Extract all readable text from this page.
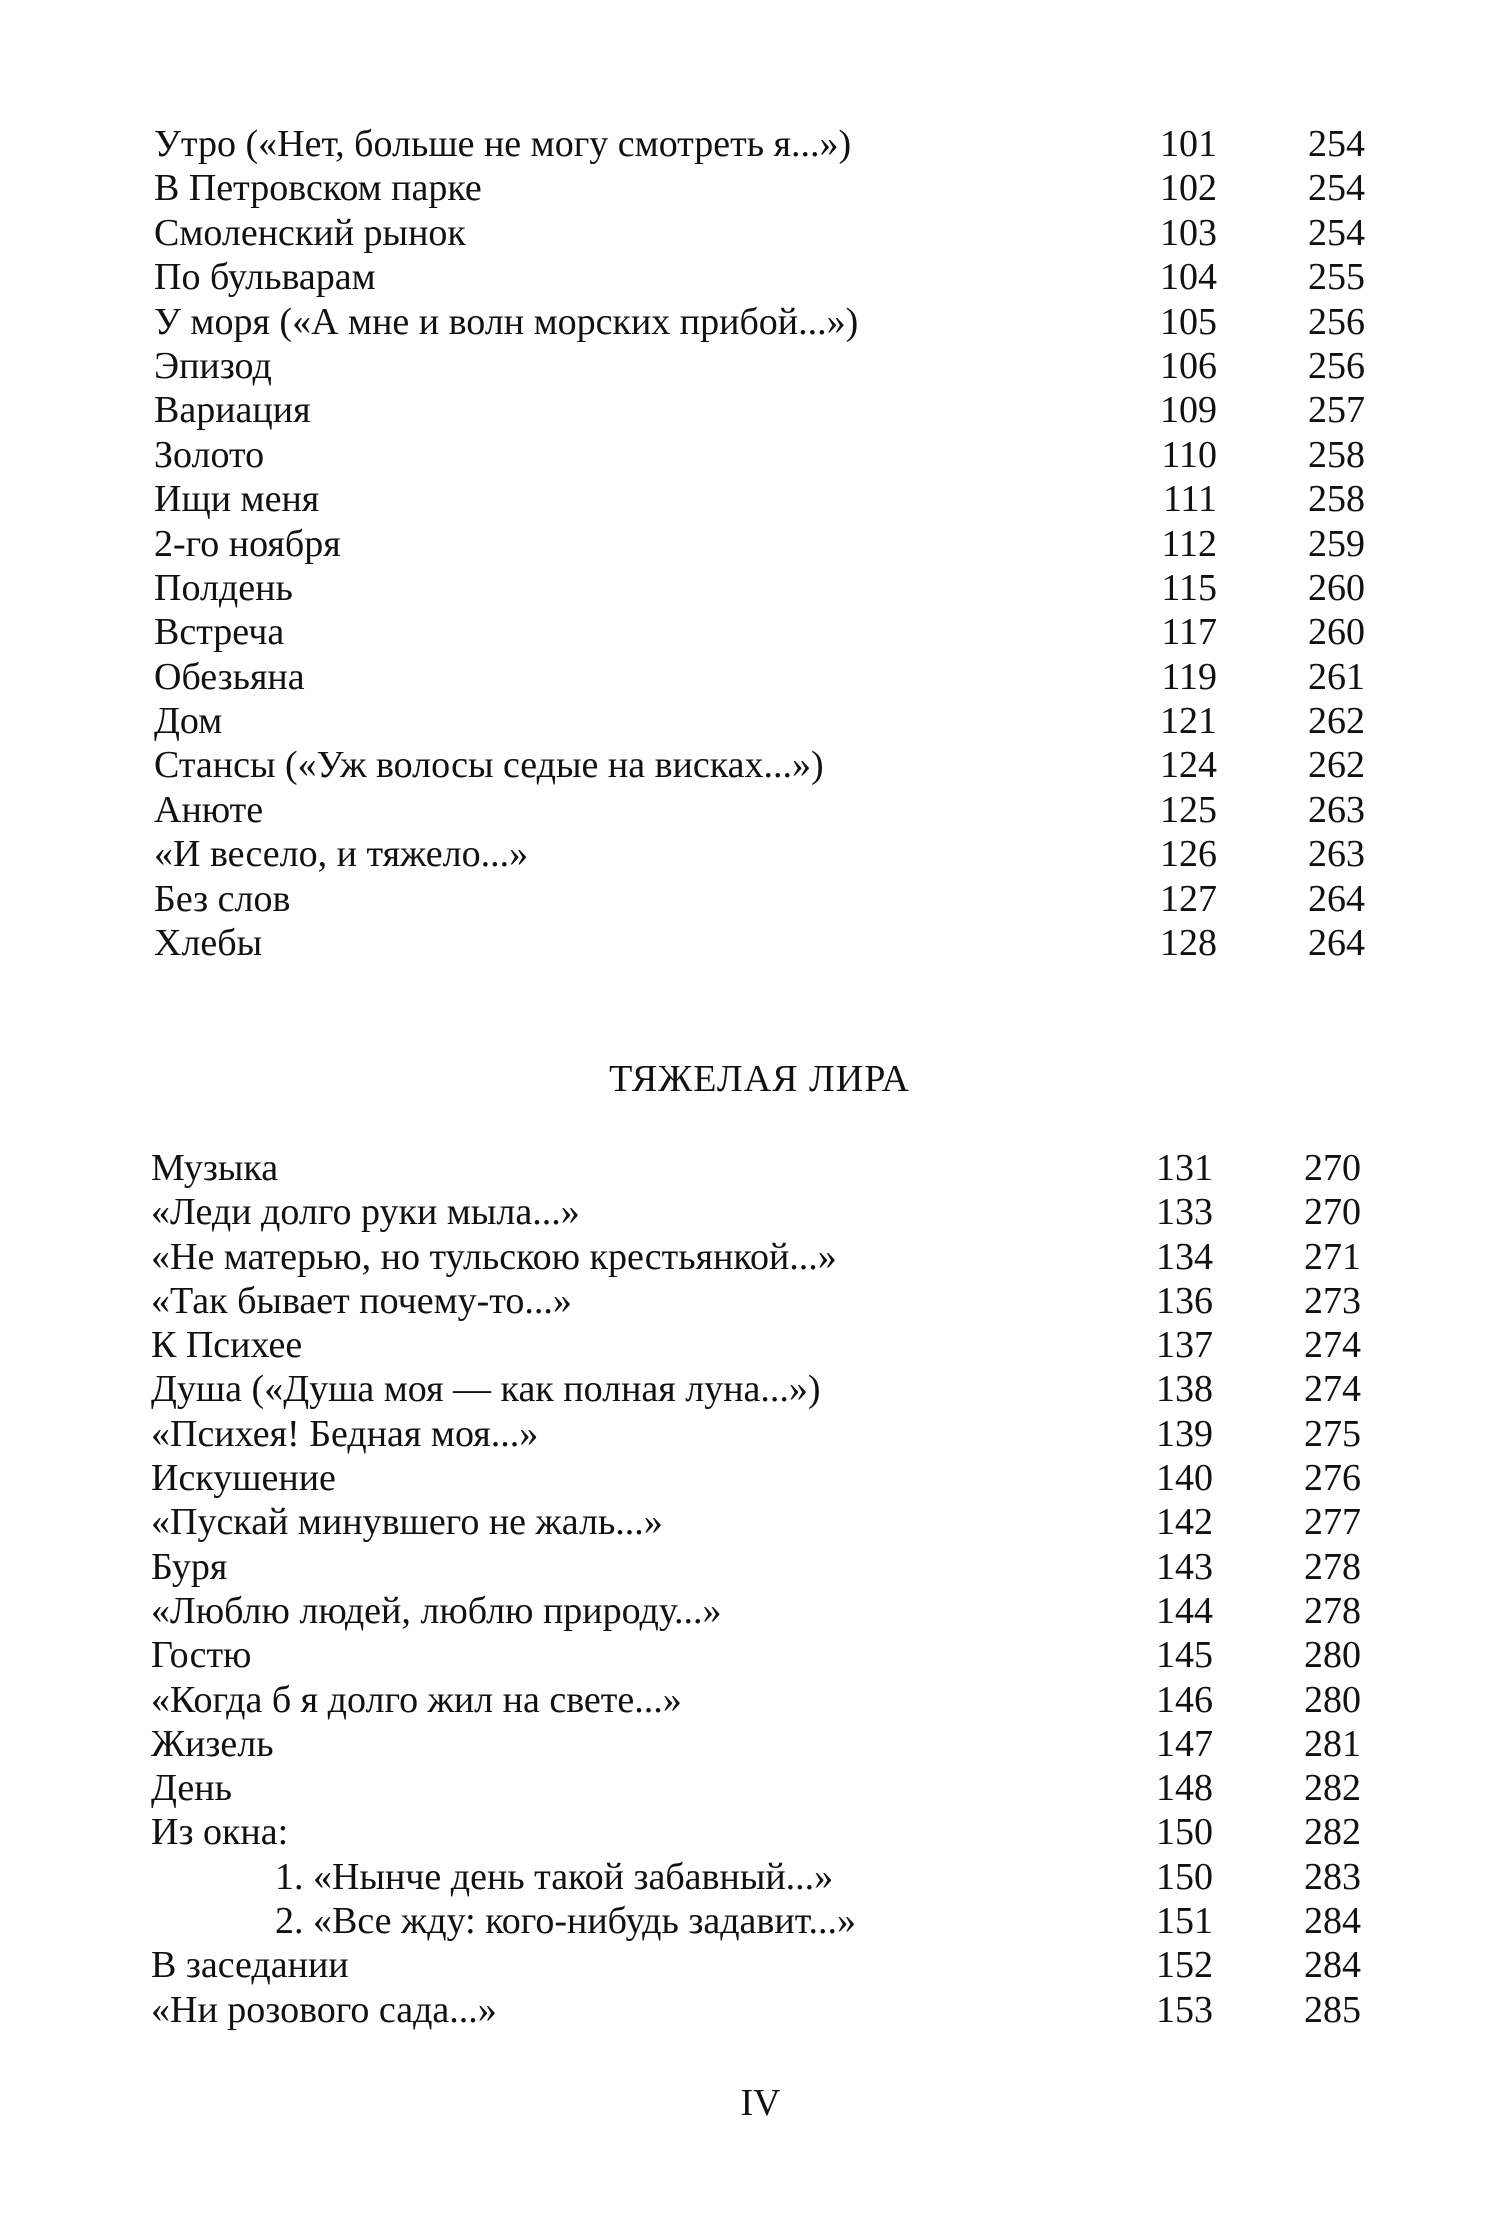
Утро («Нет, больше не могу смотреть я...»)	101 254
В Петровском парке	102 254
Смоленский рынок	103 254
По бульварам	104 255
У моря («А мне и волн морских прибой...»)	105 256
Эпизод	106 256
Вариация	109 257
Золото	110 258
Ищи меня	111 258
2-го ноября	112 259
Полдень	115 260
Встреча	117 260
Обезьяна	119 261
Дом	121 262
Стансы («Уж волосы седые на висках...»)	124 262
Анюте	125 263
«И весело, и тяжело...»	126 263
Без слов	127 264
Хлебы	128 264
ТЯЖЕЛАЯ ЛИРА
Музыка	131 270
«Леди долго руки мыла...»	133 270
«Не матерью, но тульскою крестьянкой...»	134 271
«Так бывает почему-то...»	136 273
К Психее	137 274
Душа («Душа моя — как полная луна...»)	138 274
«Психея! Бедная моя...»	139 275
Искушение	140 276
«Пускай минувшего не жаль...»	142 277
Буря	143 278
«Люблю людей, люблю природу...»	144 278
Гостю	145 280
«Когда б я долго жил на свете...»	146 280
Жизель	147 281
День	148 282
Из окна:	150 282
1. «Нынче день такой забавный...»	150 283
2. «Все жду: кого-нибудь задавит...»	151 284
В заседании	152 284
«Ни розового сада...»	153 285
IV
